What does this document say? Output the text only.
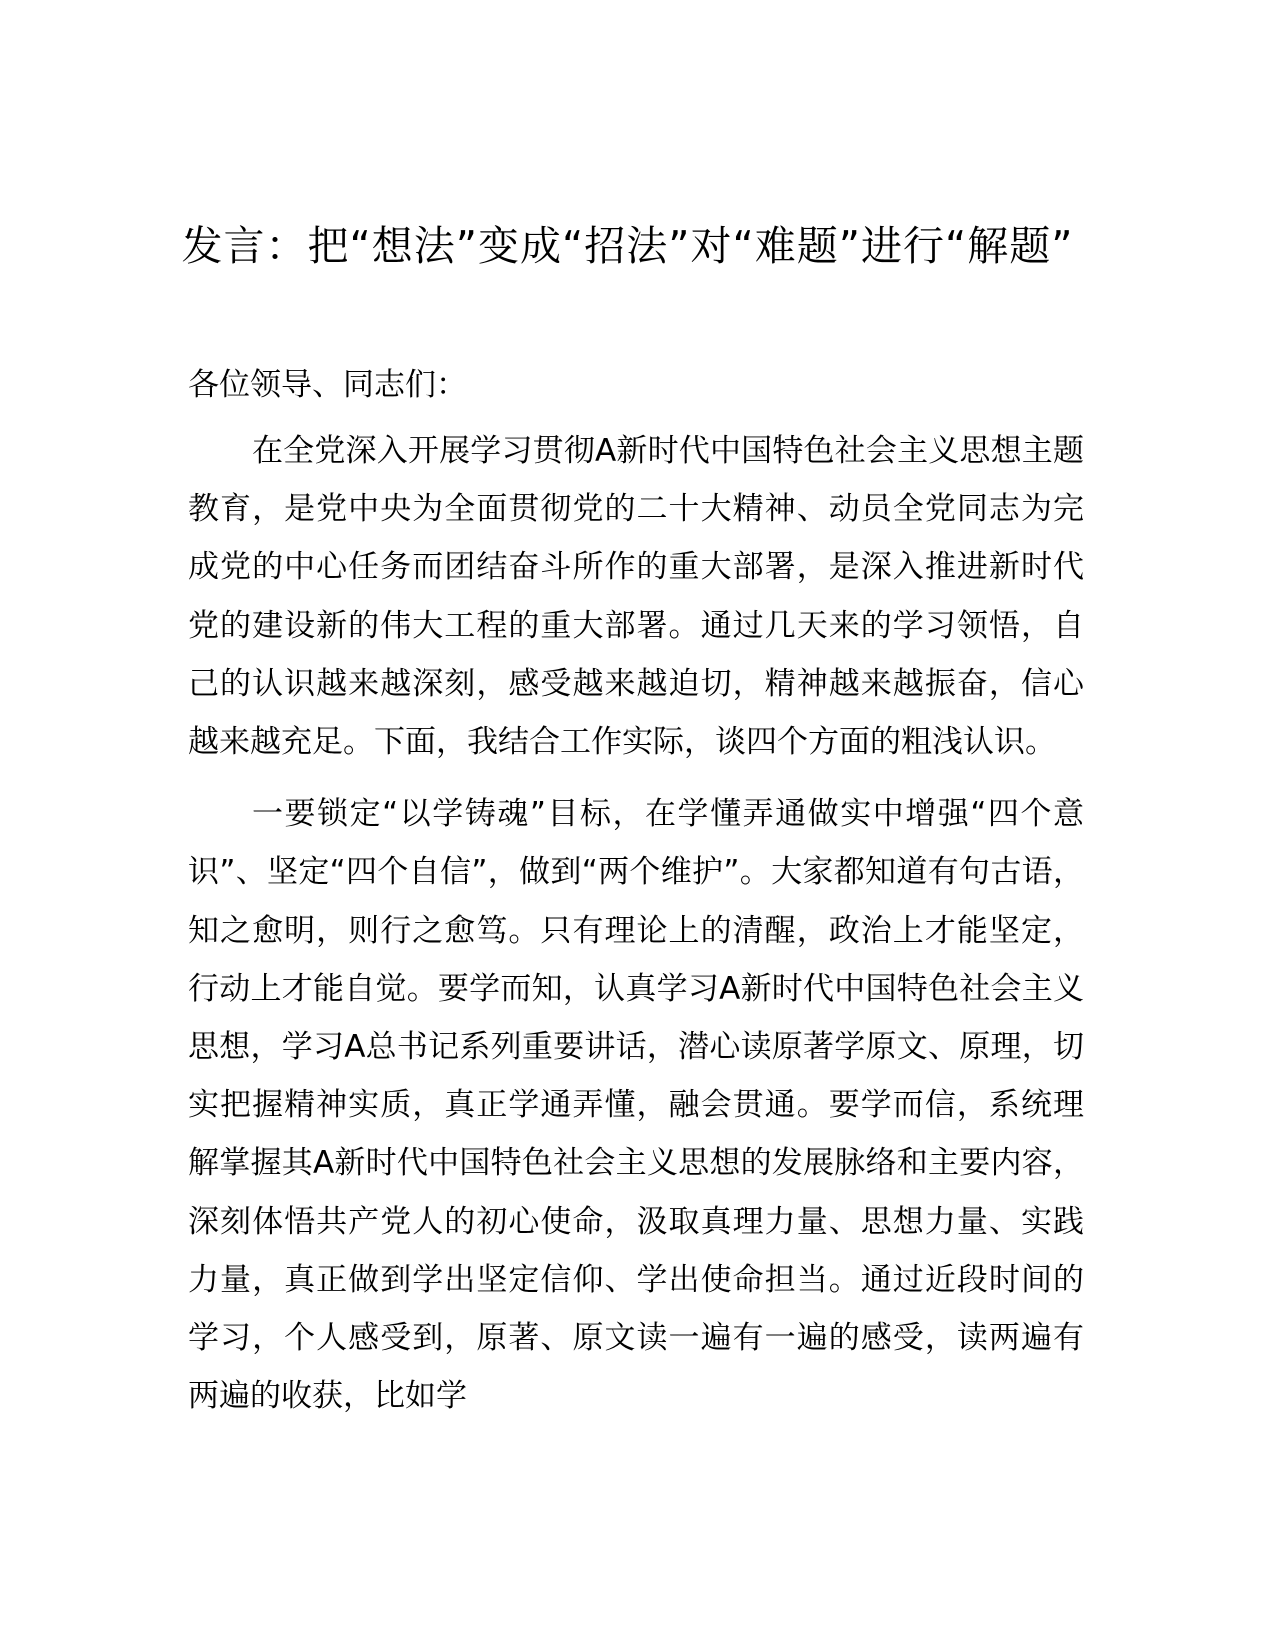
发言：把“想法”变成“招法”对“难题”进行“解题”

各位领导、同志们：

在全党深入开展学习贯彻A新时代中国特色社会主义思想主题教育，是党中央为全面贯彻党的二十大精神、动员全党同志为完成党的中心任务而团结奋斗所作的重大部署，是深入推进新时代党的建设新的伟大工程的重大部署。通过几天来的学习领悟，自己的认识越来越深刻，感受越来越迫切，精神越来越振奋，信心越来越充足。下面，我结合工作实际，谈四个方面的粗浅认识。

一要锁定“以学铸魂”目标，在学懂弄通做实中增强“四个意识”、坚定“四个自信”，做到“两个维护”。大家都知道有句古语，知之愈明，则行之愈笃。只有理论上的清醒，政治上才能坚定，行动上才能自觉。要学而知，认真学习A新时代中国特色社会主义思想，学习A总书记系列重要讲话，潜心读原著学原文、原理，切实把握精神实质，真正学通弄懂，融会贯通。要学而信，系统理解掌握其A新时代中国特色社会主义思想的发展脉络和主要内容，深刻体悟共产党人的初心使命，汲取真理力量、思想力量、实践力量，真正做到学出坚定信仰、学出使命担当。通过近段时间的学习，个人感受到，原著、原文读一遍有一遍的感受，读两遍有两遍的收获，比如学
